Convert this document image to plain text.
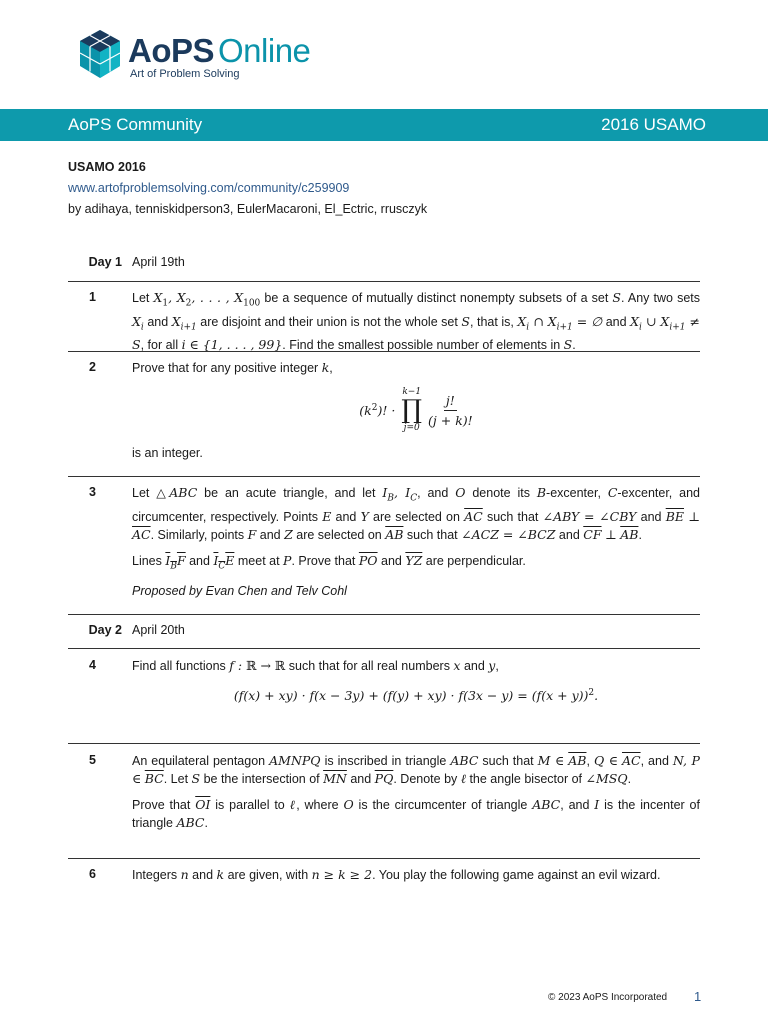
AoPS Online
Art of Problem Solving
AoPS Community	2016 USAMO
USAMO 2016
www.artofproblemsolving.com/community/c259909
by adihaya, tenniskidperson3, EulerMacaroni, El_Ectric, rrusczyk
Day 1 April 19th
1	Let $X_1$, $X_2$, . . . , $X_{100}$ be a sequence of mutually distinct nonempty subsets of a set S. Any two sets $X_i$ and $X_{i+1}$ are disjoint and their union is not the whole set S, that is, $X_i$ ∩ $X_{i+1}$ = ∅ and $X_i$ ∪ $X_{i+1} \ne S$, for all i ∈ {1, . . . , 99}. Find the smallest possible number of elements in S.
2	Prove that for any positive integer k,

$(k^2)$! ·
k−1
∏
$j=0 \frac{j!}{(j + k)!}$

is an integer.

3	Let △ABC be an acute triangle, and let $I_B$, $I_C$, and O denote its B-excenter, C-excenter, and circumcenter, respectively. Points E and Y are selected on $\overline{AC}$ such that ∠ABY = ∠CBY and $\overline{BE}$ ⊥ $\overline{AC}$. Similarly, points F and Z are selected on $\overline{AB}$ such that ∠ACZ = ∠BCZ and $\overline{CF}$ ⊥ $\overline{AB}$.

Lines $I_BF$ and $I_CE$ meet at P. Prove that $\overline{PO}$ and $\overline{YZ}$ are perpendicular.

Proposed by Evan Chen and Telv Cohl

Day 2 April 20th
4	Find all functions f : ℝ → ℝ such that for all real numbers x and y,

$(f(x) + xy) \cdot f(x - 3y) + (f(y) + xy) \cdot f(3x - y) = (f(x + y))^2$.
5	An equilateral pentagon AMNPQ is inscribed in triangle ABC such that M ∈ $\overline{AB}$, Q ∈ $\overline{AC}$, and N, P ∈ $\overline{BC}$. Let S be the intersection of $\overline{MN}$ and $\overline{PQ}$. Denote by ℓ the angle bisector of ∠MSQ.

Prove that $\overline{OI}$ is parallel to ℓ, where O is the circumcenter of triangle ABC, and I is the incenter of triangle ABC.

6	Integers n and k are given, with n ≥ k ≥ 2. You play the following game against an evil wizard.
© 2023 AoPS Incorporated 1
